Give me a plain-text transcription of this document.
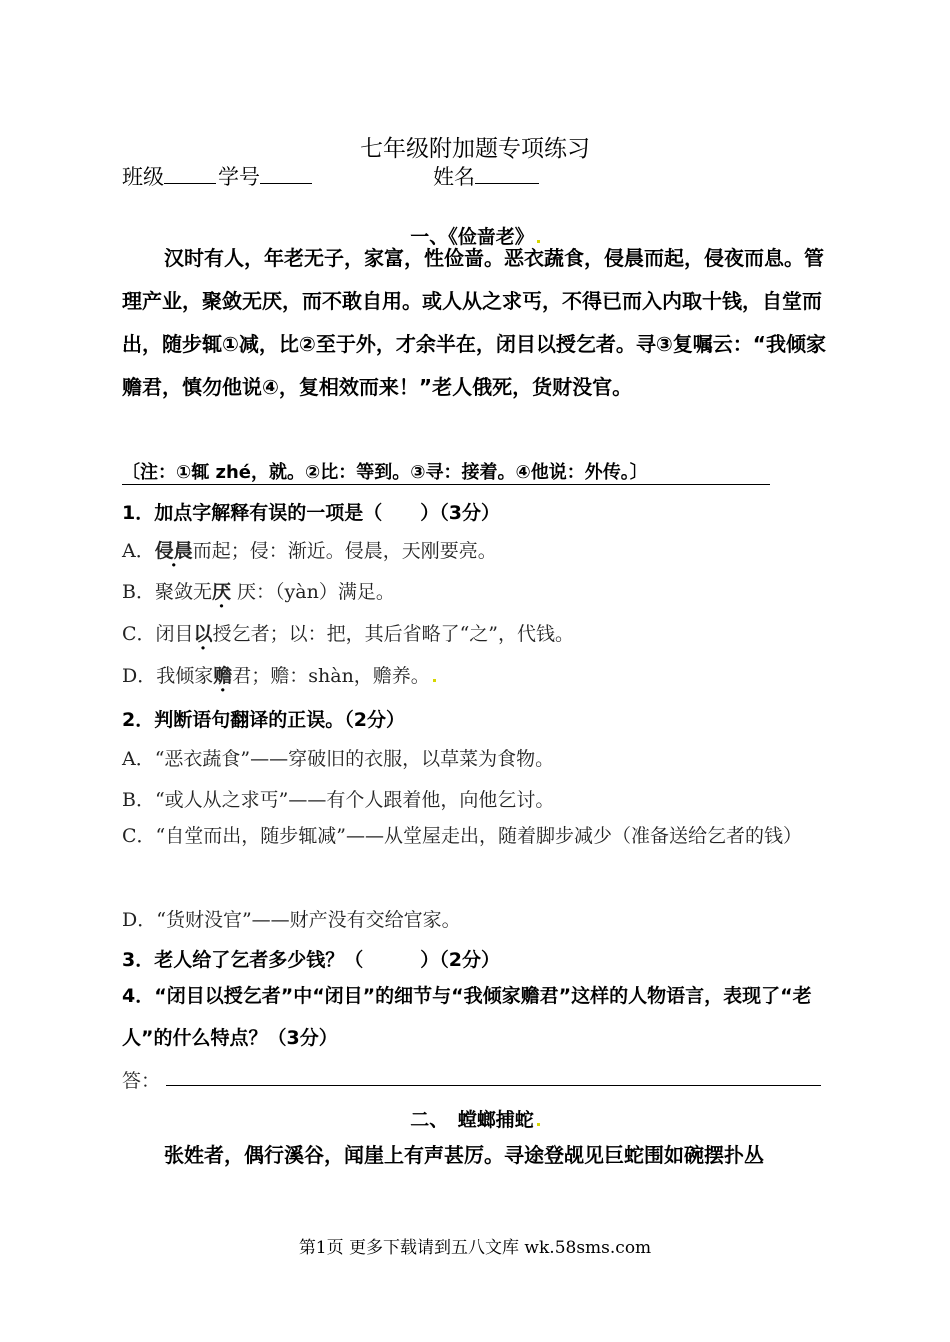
七年级附加题专项练习
班级	学号	姓名
一、《俭啬老》
汉时有人，年老无子，家富，性俭啬。恶衣蔬食，侵晨而起，侵夜而息。管理产业，聚敛无厌，而不敢自用。或人从之求丐，不得已而入内取十钱，自堂而出，随步辄①减，比②至于外，才余半在，闭目以授乞者。寻③复嘱云：“我倾家赡君，慎勿他说④，复相效而来！”老人俄死，货财没官。
〔注：①辄 zhé，就。②比：等到。③寻：接着。④他说：外传。〕
1．加点字解释有误的一项是（　　）（3分）
A．侵晨而起；侵：渐近。侵晨，天刚要亮。
B．聚敛无厌 厌：（yàn）满足。
C．闭目以授乞者；以：把，其后省略了“之”，代钱。
D．我倾家赡君；赡：shàn，赡养。
2．判断语句翻译的正误。（2分）
A．“恶衣蔬食”——穿破旧的衣服，以草菜为食物。
B．“或人从之求丐”——有个人跟着他，向他乞讨。
C．“自堂而出，随步辄减”——从堂屋走出，随着脚步减少（准备送给乞者的钱）
D．“货财没官”——财产没有交给官家。
3．老人给了乞者多少钱？（　　　）（2分）
4．“闭目以授乞者”中“闭目”的细节与“我倾家赡君”这样的人物语言，表现了“老人”的什么特点？（3分）
答：
二、　螳螂捕蛇
张姓者，偶行溪谷，闻崖上有声甚厉。寻途登觇见巨蛇围如碗摆扑丛
第1页 更多下载请到五八文库 wk.58sms.com
